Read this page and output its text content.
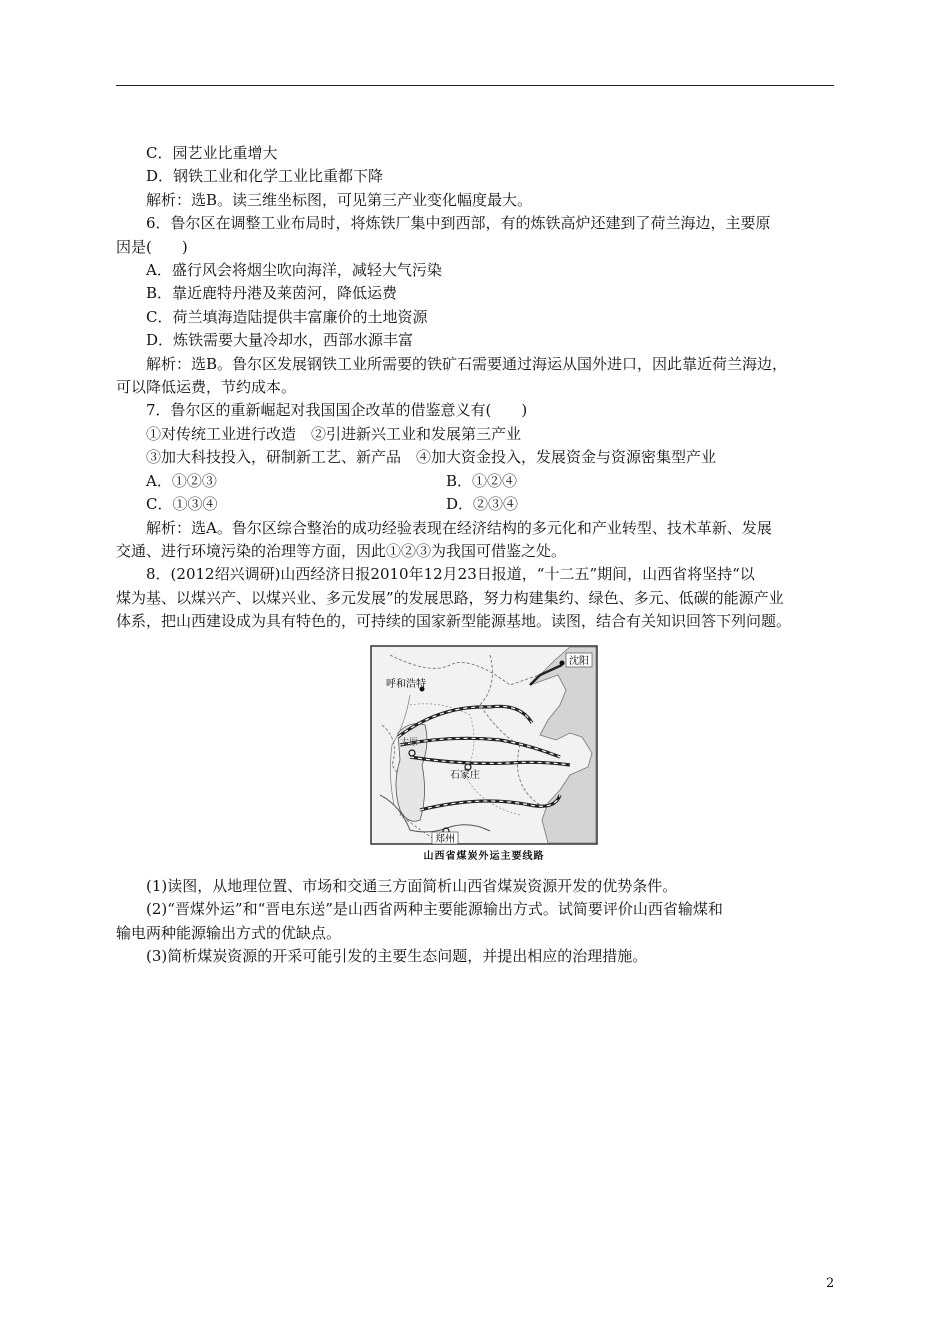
C．园艺业比重增大
D．钢铁工业和化学工业比重都下降
解析：选B。读三维坐标图，可见第三产业变化幅度最大。
6．鲁尔区在调整工业布局时，将炼铁厂集中到西部，有的炼铁高炉还建到了荷兰海边，主要原
因是(　　)
A．盛行风会将烟尘吹向海洋，减轻大气污染
B．靠近鹿特丹港及莱茵河，降低运费
C．荷兰填海造陆提供丰富廉价的土地资源
D．炼铁需要大量冷却水，西部水源丰富
解析：选B。鲁尔区发展钢铁工业所需要的铁矿石需要通过海运从国外进口，因此靠近荷兰海边，
可以降低运费，节约成本。
7．鲁尔区的重新崛起对我国国企改革的借鉴意义有(　　)
①对传统工业进行改造　②引进新兴工业和发展第三产业
③加大科技投入，研制新工艺、新产品　④加大资金投入，发展资金与资源密集型产业
A．①②③	B．①②④
C．①③④	D．②③④
解析：选A。鲁尔区综合整治的成功经验表现在经济结构的多元化和产业转型、技术革新、发展
交通、进行环境污染的治理等方面，因此①②③为我国可借鉴之处。
8．(2012绍兴调研)山西经济日报2010年12月23日报道，“十二五”期间，山西省将坚持“以
煤为基、以煤兴产、以煤兴业、多元发展”的发展思路，努力构建集约、绿色、多元、低碳的能源产业
体系，把山西建设成为具有特色的，可持续的国家新型能源基地。读图，结合有关知识回答下列问题。
沈阳
呼和浩特
太原
石家庄
郑州
山西省煤炭外运主要线路
(1)读图，从地理位置、市场和交通三方面简析山西省煤炭资源开发的优势条件。
(2)“晋煤外运”和“晋电东送”是山西省两种主要能源输出方式。试简要评价山西省输煤和
输电两种能源输出方式的优缺点。
(3)简析煤炭资源的开采可能引发的主要生态问题，并提出相应的治理措施。
2
